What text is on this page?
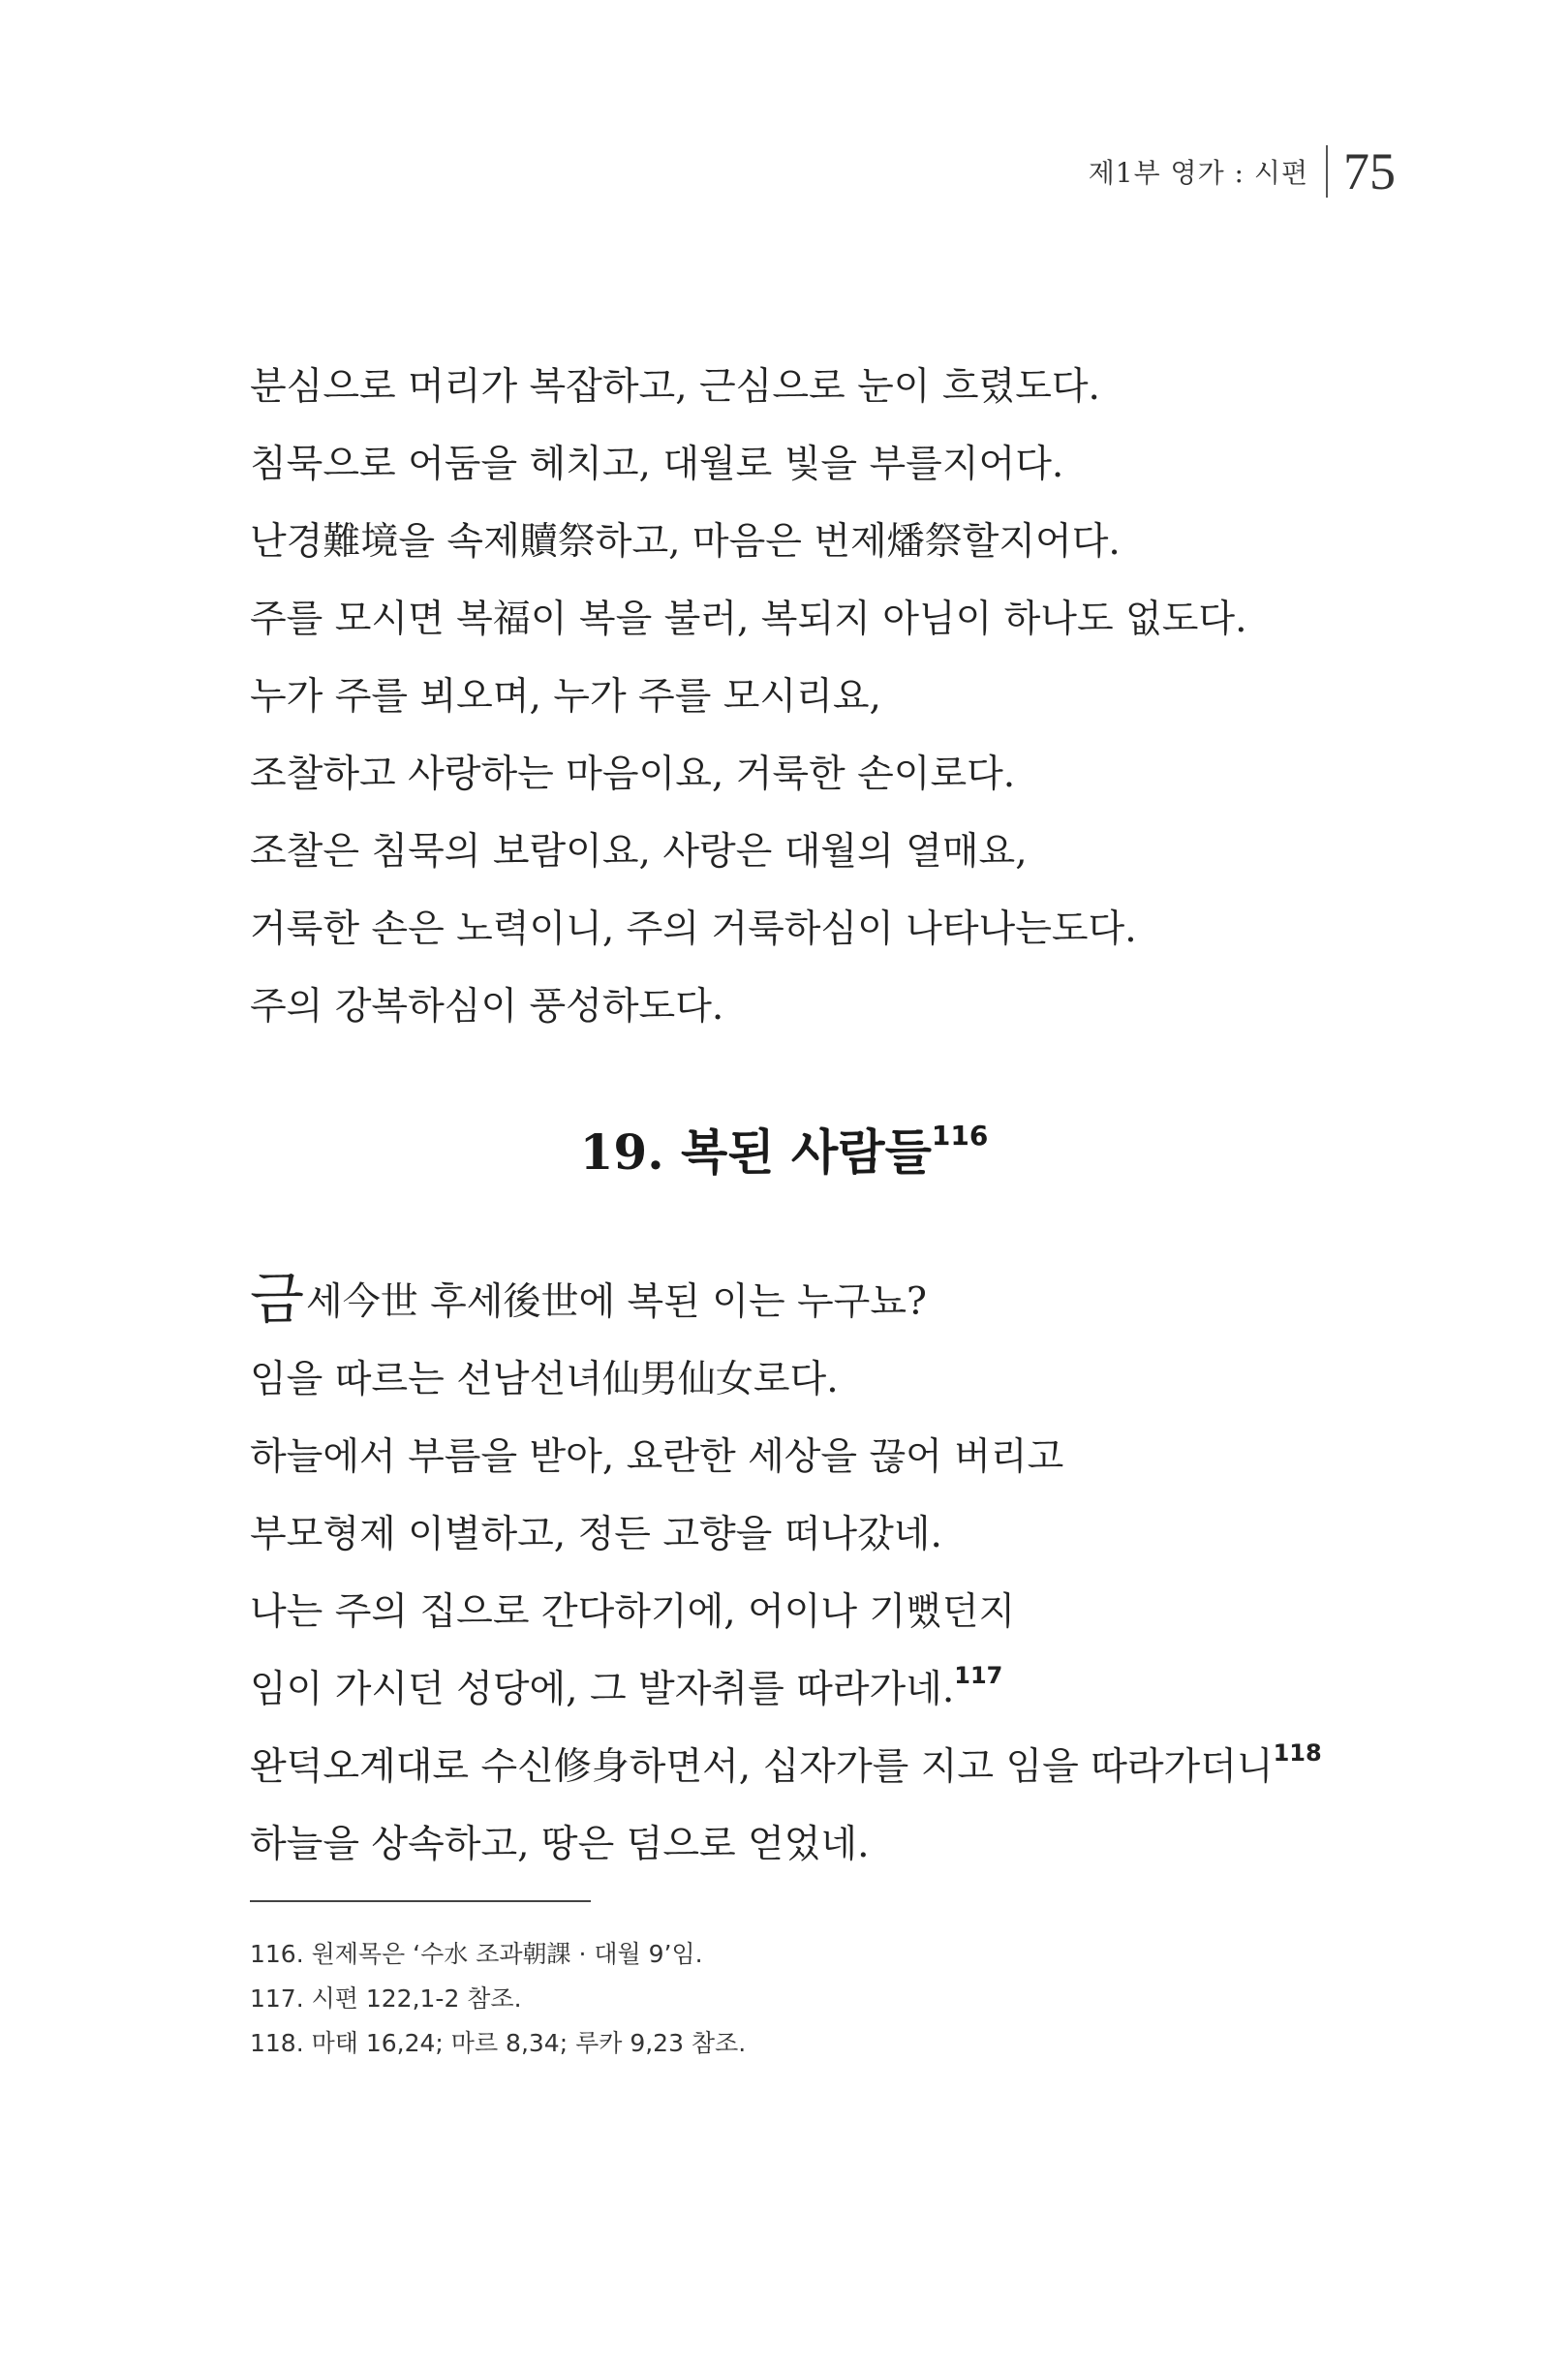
제1부 영가 : 시편 75
분심으로 머리가 복잡하고, 근심으로 눈이 흐렸도다.
침묵으로 어둠을 헤치고, 대월로 빛을 부를지어다.
난경難境을 속제贖祭하고, 마음은 번제燔祭할지어다.
주를 모시면 복福이 복을 불러, 복되지 아님이 하나도 없도다.
누가 주를 뵈오며, 누가 주를 모시리요,
조찰하고 사랑하는 마음이요, 거룩한 손이로다.
조찰은 침묵의 보람이요, 사랑은 대월의 열매요,
거룩한 손은 노력이니, 주의 거룩하심이 나타나는도다.
주의 강복하심이 풍성하도다.
19. 복된 사람들$^{116}$
금세今世 후세後世에 복된 이는 누구뇨?
임을 따르는 선남선녀仙男仙女로다.
하늘에서 부름을 받아, 요란한 세상을 끊어 버리고
부모형제 이별하고, 정든 고향을 떠나갔네.
나는 주의 집으로 간다하기에, 어이나 기뻤던지
임이 가시던 성당에, 그 발자취를 따라가네.$^{117}$
완덕오계대로 수신修身하면서, 십자가를 지고 임을 따라가더니$^{118}$
하늘을 상속하고, 땅은 덤으로 얻었네.
116. 원제목은 ‘수水 조과朝課 · 대월 9’임.
117. 시편 122,1-2 참조.
118. 마태 16,24; 마르 8,34; 루카 9,23 참조.
